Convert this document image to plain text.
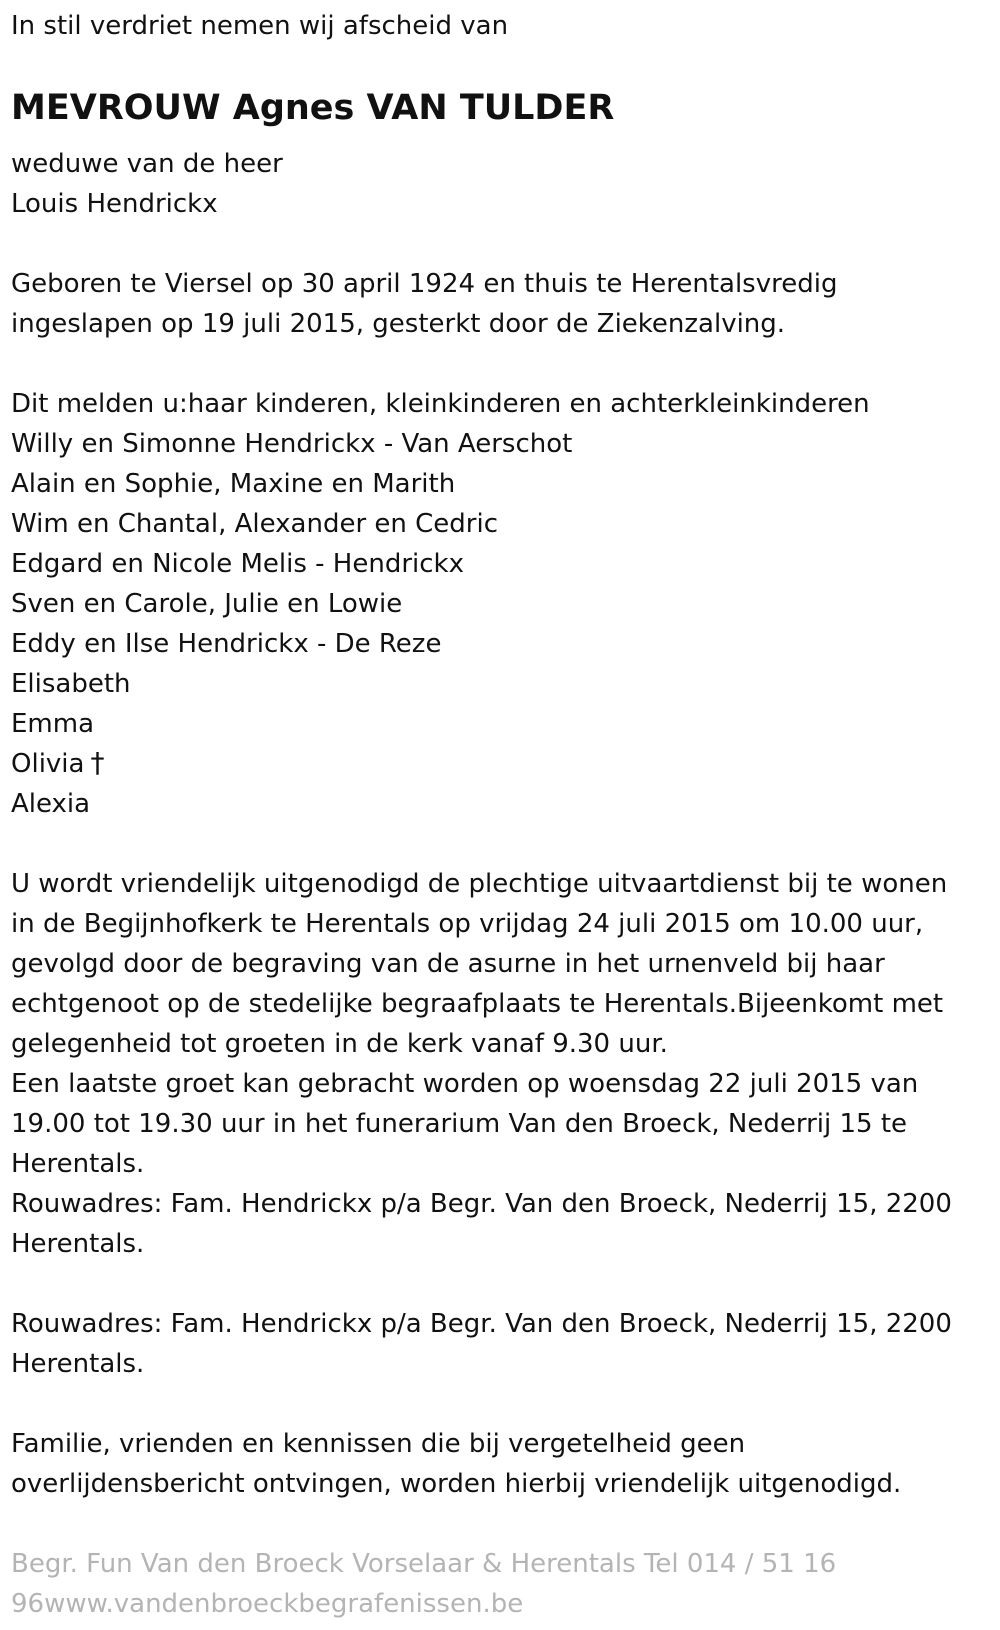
In stil verdriet nemen wij afscheid van

MEVROUW Agnes VAN TULDER

weduwe van de heer

Louis Hendrickx

Geboren te Viersel op 30 april 1924 en thuis te Herentalsvredig

ingeslapen op 19 juli 2015, gesterkt door de Ziekenzalving.

Dit melden u:haar kinderen, kleinkinderen en achterkleinkinderen

Willy en Simonne Hendrickx - Van Aerschot

Alain en Sophie, Maxine en Marith

Wim en Chantal, Alexander en Cedric

Edgard en Nicole Melis - Hendrickx

Sven en Carole, Julie en Lowie

Eddy en Ilse Hendrickx - De Reze

Elisabeth

Emma

Olivia †

Alexia

U wordt vriendelijk uitgenodigd de plechtige uitvaartdienst bij te wonen

in de Begijnhofkerk te Herentals op vrijdag 24 juli 2015 om 10.00 uur,

gevolgd door de begraving van de asurne in het urnenveld bij haar

echtgenoot op de stedelijke begraafplaats te Herentals.Bijeenkomt met

gelegenheid tot groeten in de kerk vanaf 9.30 uur.

Een laatste groet kan gebracht worden op woensdag 22 juli 2015 van

19.00 tot 19.30 uur in het funerarium Van den Broeck, Nederrij 15 te

Herentals.

Rouwadres: Fam. Hendrickx p/a Begr. Van den Broeck, Nederrij 15, 2200

Herentals.

Rouwadres: Fam. Hendrickx p/a Begr. Van den Broeck, Nederrij 15, 2200

Herentals.

Familie, vrienden en kennissen die bij vergetelheid geen

overlijdensbericht ontvingen, worden hierbij vriendelijk uitgenodigd.

Begr. Fun Van den Broeck Vorselaar & Herentals Tel 014 / 51 16

96www.vandenbroeckbegrafenissen.be
